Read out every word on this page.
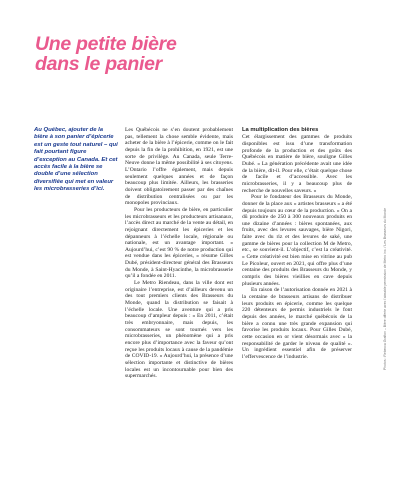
Une petite bière
dans le panier
Au Québec, ajouter de la bière à son panier d’épicerie est un geste tout naturel – qui fait pourtant figure d’exception au Canada. Et cet accès facile à la bière se double d’une sélection diversifiée qui met en valeur les microbrasseries d’ici.

Les Québécois ne s’en doutent probablement pas, tellement la chose semble évidente, mais acheter de la bière à l’épicerie, comme on le fait depuis la fin de la prohibition, en 1921, est une sorte de privilège. Au Canada, seule Terre-Neuve donne la même possibilité à ses citoyens. L’Ontario l’offre également, mais depuis seulement quelques années et de façon beaucoup plus limitée. Ailleurs, les brasseries doivent obligatoirement passer par des chaînes de distribution centralisées ou par les monopoles provinciaux.

Pour les producteurs de bière, en particulier les microbrasseurs et les producteurs artisanaux, l’accès direct au marché de la vente au détail, en rejoignant directement les épiceries et les dépanneurs à l’échelle locale, régionale ou nationale, est un avantage important. « Aujourd’hui, c’est 90 % de notre production qui est vendue dans les épiceries, » résume Gilles Dubé, président-directeur général des Brasseurs du Monde, à Saint-Hyacinthe, la microbrasserie qu’il a fondée en 2011.

Le Metro Riendeau, dans la ville dont est originaire l’entreprise, est d’ailleurs devenu un des tout premiers clients des Brasseurs du Monde, quand la distribution se faisait à l’échelle locale. Une aventure qui a pris beaucoup d’ampleur depuis : « En 2011, c’était très embryonnaire, mais depuis, les consommateurs se sont tournés vers les microbrasseries, un phénomène qui a pris encore plus d’importance avec la faveur qu’ont reçue les produits locaux à cause de la pandémie de COVID-19. » Aujourd’hui, la présence d’une sélection importante et distinctive de bières locales est un incontournable pour bien des supermarchés.

La multiplication des bières

Cet élargissement des gammes de produits disponibles est issu d’une transformation profonde de la production et des goûts des Québécois en matière de bière, souligne Gilles Dubé. « La génération précédente avait une idée de la bière, dit-il. Pour elle, c’était quelque chose de facile et d’accessible. Avec les microbrasseries, il y a beaucoup plus de recherche de nouvelles saveurs. »

Pour le fondateur des Brasseurs du Monde, donner de la place aux « artistes brasseurs » a été depuis toujours au cœur de la production. « On a dû produire de 250 à 300 nouveaux produits en une dizaine d’années : bières spontanées, aux fruits, avec des levures sauvages, bière Nigori, faite avec du riz et des levures de saké, une gamme de bières pour la collection M de Metro, etc., se souvient-il. L’objectif, c’est la créativité. » Cette créativité est bien mise en vitrine au pub Le Picoleur, ouvert en 2021, qui offre plus d’une centaine des produits des Brasseurs du Monde, y compris des bières vieillies en cave depuis plusieurs années.

En raison de l’autorisation donnée en 2021 à la centaine de brasseurs artisans de distribuer leurs produits en épicerie, comme les quelque 220 détenteurs de permis industriels le font depuis des années, le marché québécois de la bière a connu une très grande expansion qui favorise les produits locaux. Pour Gilles Dubé, cette occasion en or vient désormais avec « la responsabilité de garder le niveau de qualité ». Un ingrédient essentiel afin de préserver l’effervescence de l’industrie.	Photos : Rebecca Grafton – Bière offerte avec l’aimable permission de Metro inc. / Les Brasseurs du Monde
